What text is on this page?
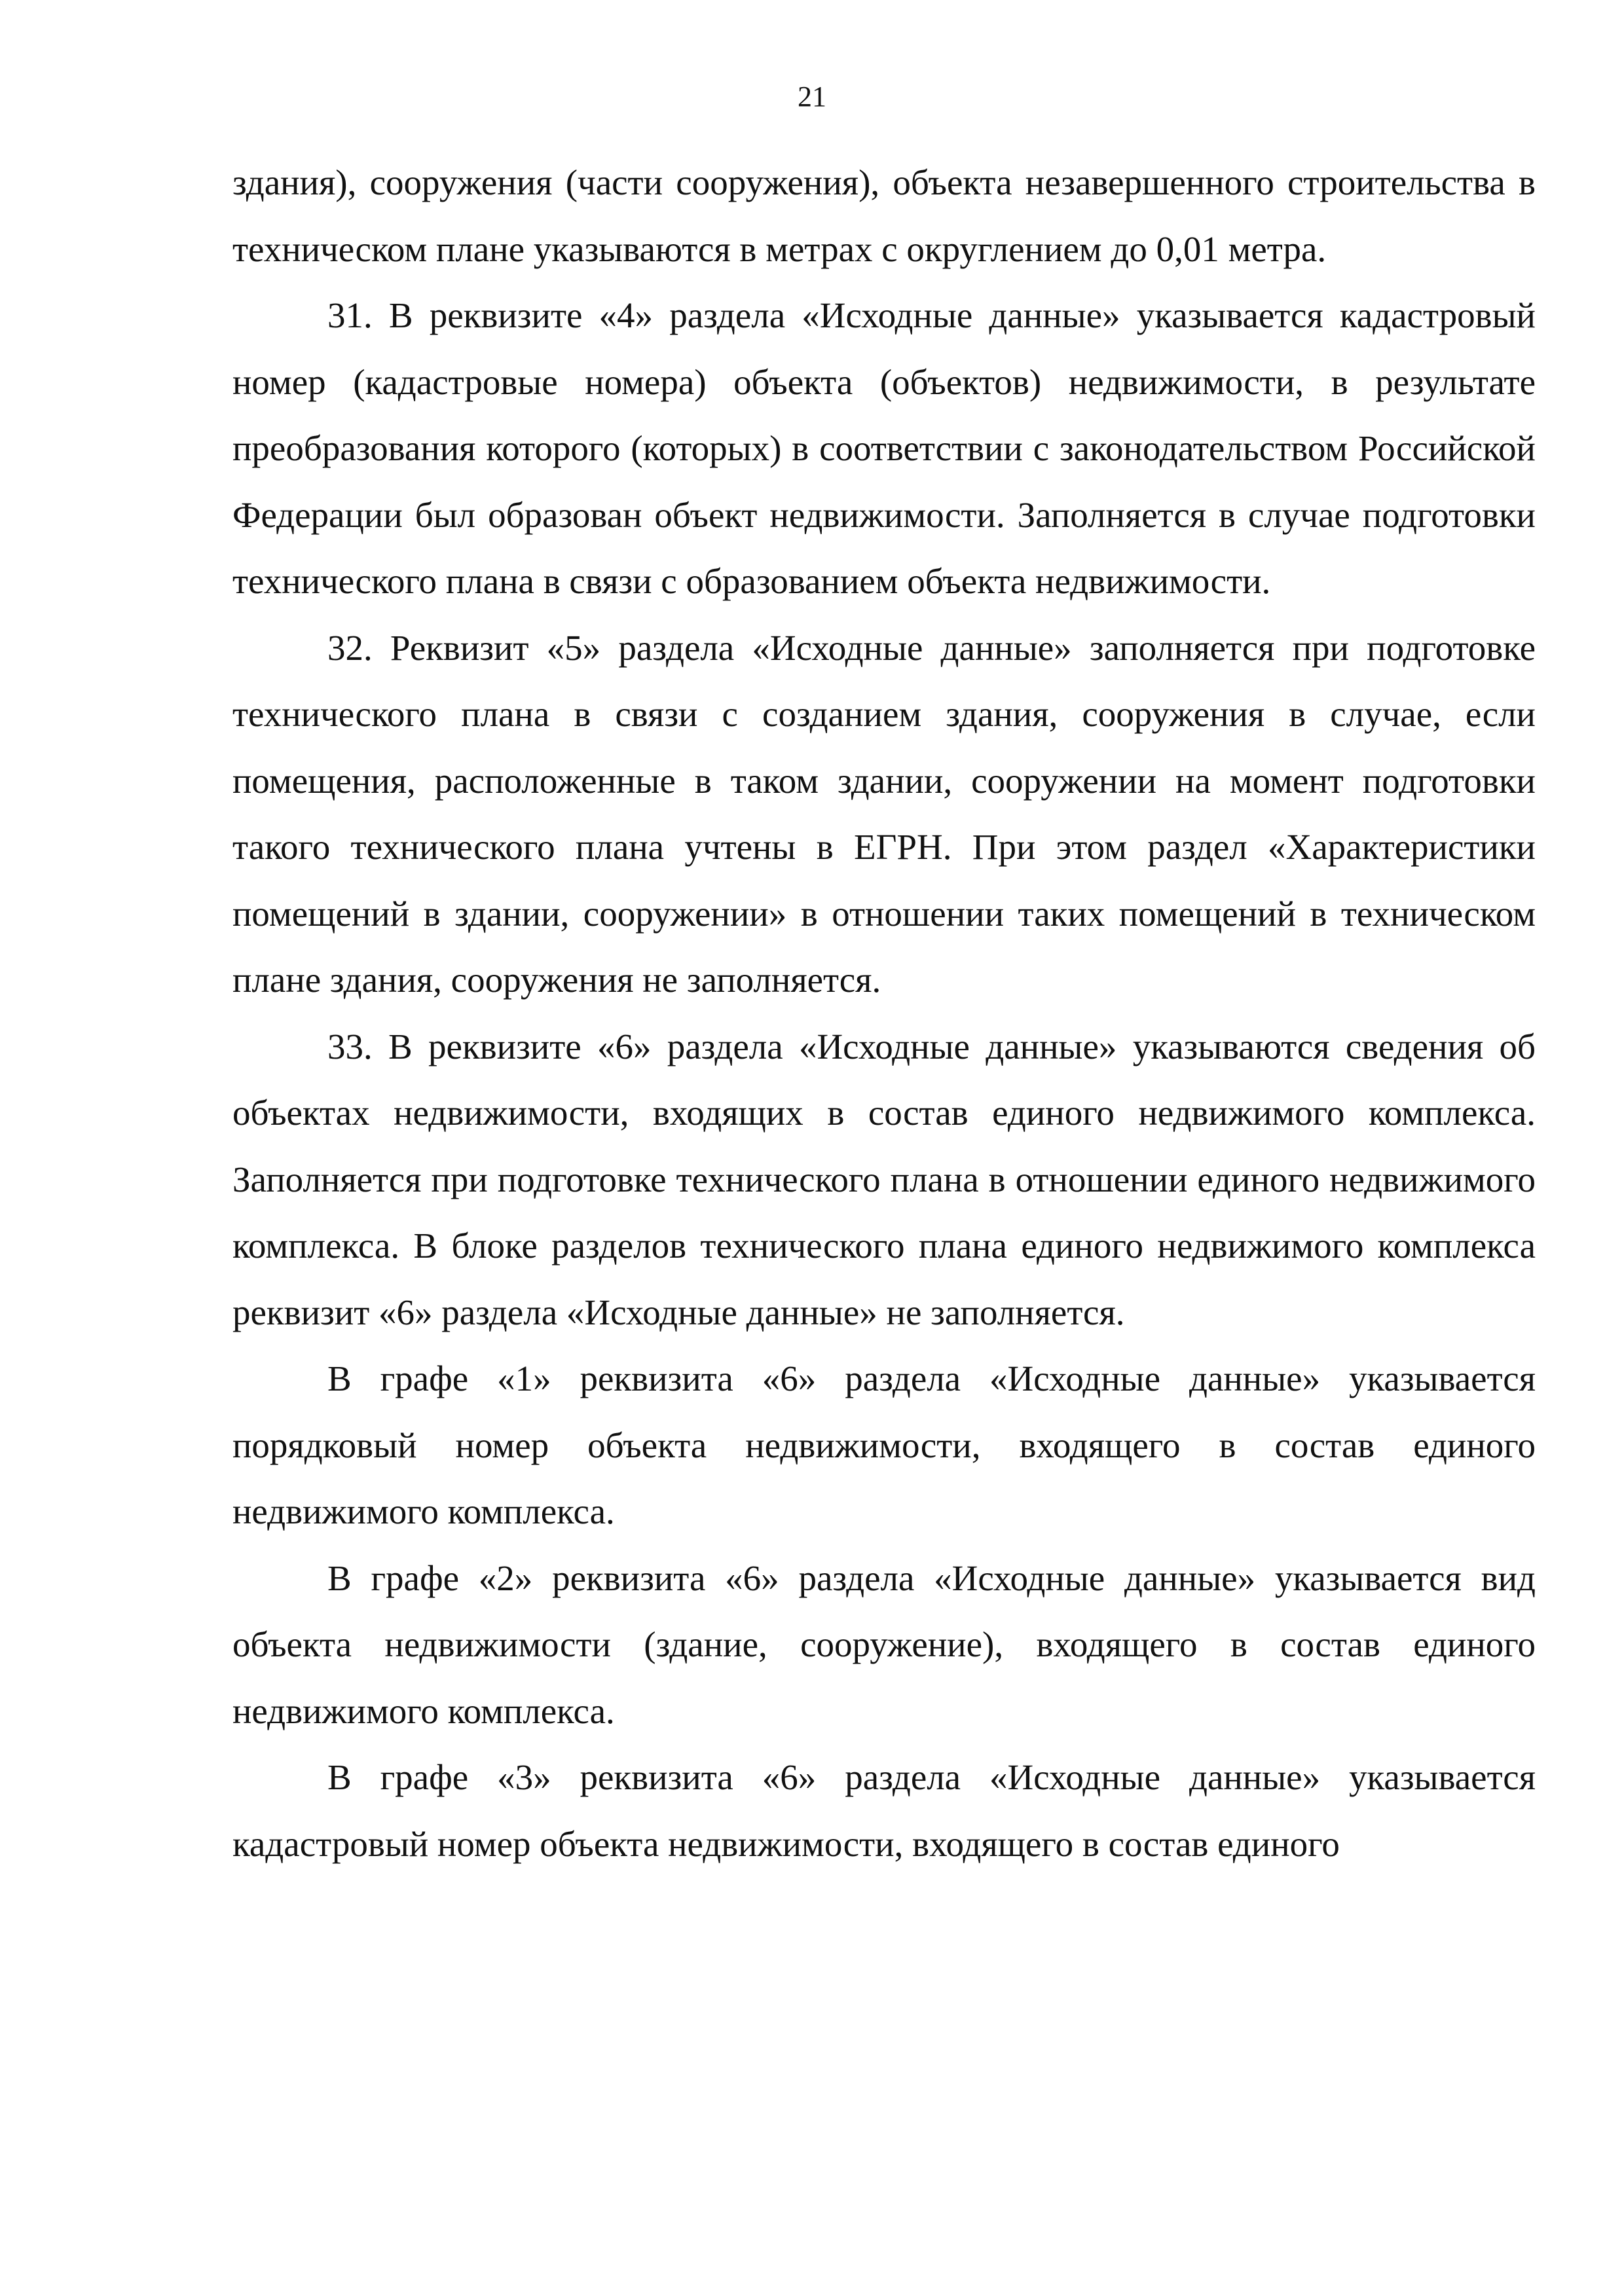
21

здания), сооружения (части сооружения), объекта незавершенного строительства в техническом плане указываются в метрах с округлением до 0,01 метра.

31. В реквизите «4» раздела «Исходные данные» указывается кадастровый номер (кадастровые номера) объекта (объектов) недвижимости, в результате преобразования которого (которых) в соответствии с законодательством Российской Федерации был образован объект недвижимости. Заполняется в случае подготовки технического плана в связи с образованием объекта недвижимости.

32. Реквизит «5» раздела «Исходные данные» заполняется при подготовке технического плана в связи с созданием здания, сооружения в случае, если помещения, расположенные в таком здании, сооружении на момент подготовки такого технического плана учтены в ЕГРН. При этом раздел «Характеристики помещений в здании, сооружении» в отношении таких помещений в техническом плане здания, сооружения не заполняется.

33. В реквизите «6» раздела «Исходные данные» указываются сведения об объектах недвижимости, входящих в состав единого недвижимого комплекса. Заполняется при подготовке технического плана в отношении единого недвижимого комплекса. В блоке разделов технического плана единого недвижимого комплекса реквизит «6» раздела «Исходные данные» не заполняется.

В графе «1» реквизита «6» раздела «Исходные данные» указывается порядковый номер объекта недвижимости, входящего в состав единого недвижимого комплекса.

В графе «2» реквизита «6» раздела «Исходные данные» указывается вид объекта недвижимости (здание, сооружение), входящего в состав единого недвижимого комплекса.

В графе «3» реквизита «6» раздела «Исходные данные» указывается кадастровый номер объекта недвижимости, входящего в состав единого
